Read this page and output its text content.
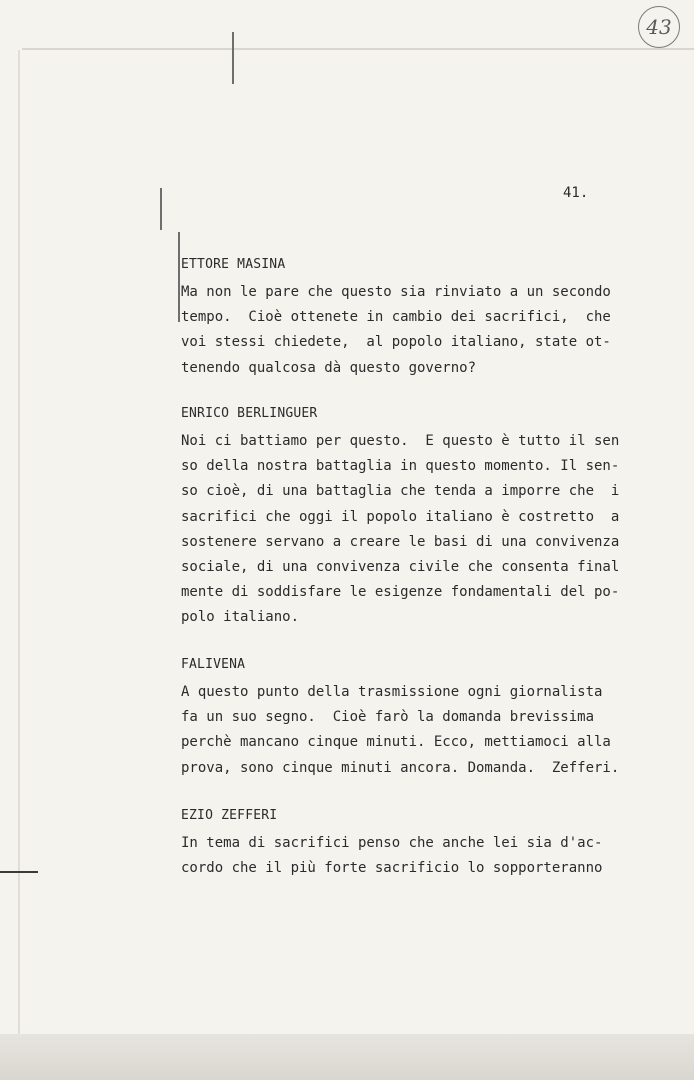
43
41.
ETTORE MASINA
Ma non le pare che questo sia rinviato a un secondo
tempo.  Cioè ottenete in cambio dei sacrifici,  che
voi stessi chiedete,  al popolo italiano, state ot-
tenendo qualcosa dà questo governo?
ENRICO BERLINGUER
Noi ci battiamo per questo.  E questo è tutto il sen
so della nostra battaglia in questo momento. Il sen-
so cioè, di una battaglia che tenda a imporre che  i
sacrifici che oggi il popolo italiano è costretto  a
sostenere servano a creare le basi di una convivenza
sociale, di una convivenza civile che consenta final
mente di soddisfare le esigenze fondamentali del po-
polo italiano.
FALIVENA
A questo punto della trasmissione ogni giornalista
fa un suo segno.  Cioè farò la domanda brevissima
perchè mancano cinque minuti. Ecco, mettiamoci alla
prova, sono cinque minuti ancora. Domanda.  Zefferi.
EZIO ZEFFERI
In tema di sacrifici penso che anche lei sia d'ac-
cordo che il più forte sacrificio lo sopporteranno
